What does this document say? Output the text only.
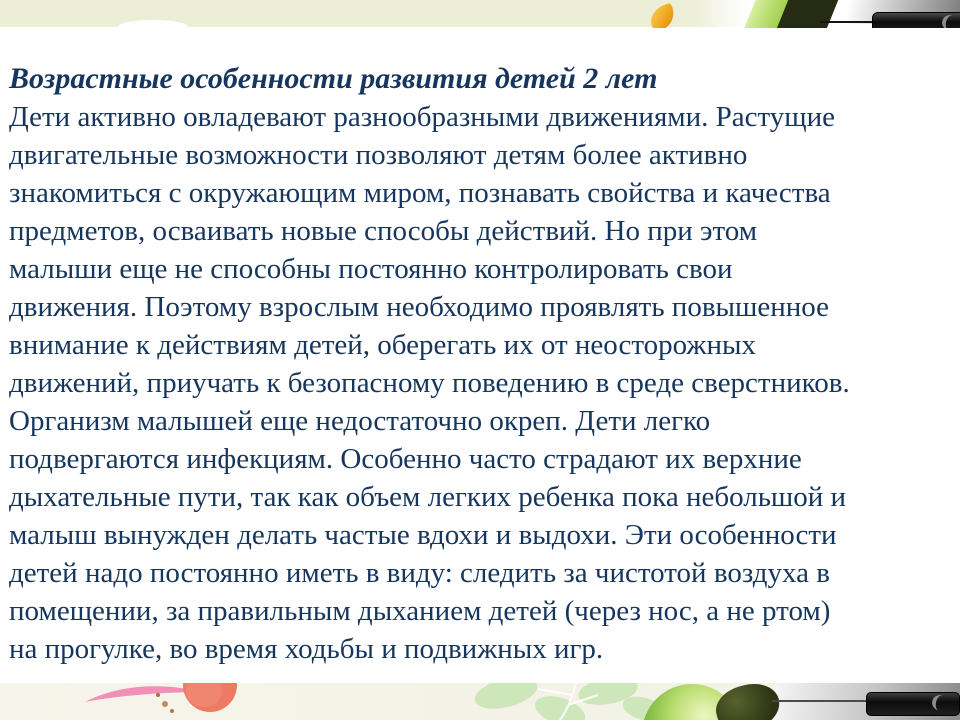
Возрастные особенности развития детей 2 лет
Дети активно овладевают разнообразными движениями. Растущие
двигательные возможности позволяют детям более активно
знакомиться с окружающим миром, познавать свойства и качества
предметов, осваивать новые способы действий. Но при этом
малыши еще не способны постоянно контролировать свои
движения. Поэтому взрослым необходимо проявлять повышенное
внимание к действиям детей, оберегать их от неосторожных
движений, приучать к безопасному поведению в среде сверстников.
Организм малышей еще недостаточно окреп. Дети легко
подвергаются инфекциям. Особенно часто страдают их верхние
дыхательные пути, так как объем легких ребенка пока небольшой и
малыш вынужден делать частые вдохи и выдохи. Эти особенности
детей надо постоянно иметь в виду: следить за чистотой воздуха в
помещении, за правильным дыханием детей (через нос, а не ртом)
на прогулке, во время ходьбы и подвижных игр.
